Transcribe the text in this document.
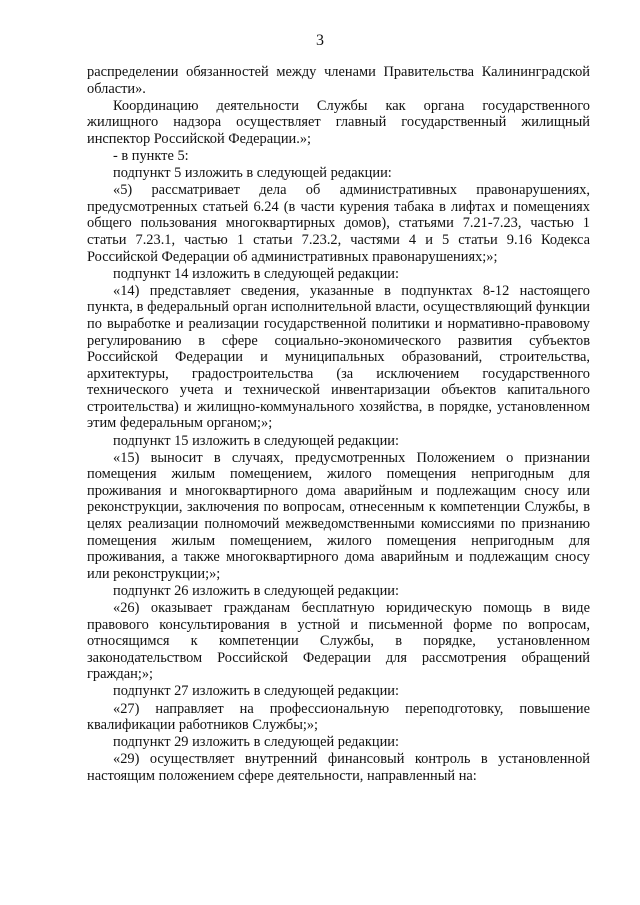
3

распределении обязанностей между членами Правительства Калининградской области».

Координацию деятельности Службы как органа государственного жилищного надзора осуществляет главный государственный жилищный инспектор Российской Федерации.»;

- в пункте 5:

подпункт 5 изложить в следующей редакции:

«5) рассматривает дела об административных правонарушениях, предусмотренных статьей 6.24 (в части курения табака в лифтах и помещениях общего пользования многоквартирных домов), статьями 7.21-7.23, частью 1 статьи 7.23.1, частью 1 статьи 7.23.2, частями 4 и 5 статьи 9.16 Кодекса Российской Федерации об административных правонарушениях;»;

подпункт 14 изложить в следующей редакции:

«14) представляет сведения, указанные в подпунктах 8-12 настоящего пункта, в федеральный орган исполнительной власти, осуществляющий функции по выработке и реализации государственной политики и нормативно-правовому регулированию в сфере социально-экономического развития субъектов Российской Федерации и муниципальных образований, строительства, архитектуры, градостроительства (за исключением государственного технического учета и технической инвентаризации объектов капитального строительства) и жилищно-коммунального хозяйства, в порядке, установленном этим федеральным органом;»;

подпункт 15 изложить в следующей редакции:

«15) выносит в случаях, предусмотренных Положением о признании помещения жилым помещением, жилого помещения непригодным для проживания и многоквартирного дома аварийным и подлежащим сносу или реконструкции, заключения по вопросам, отнесенным к компетенции Службы, в целях реализации полномочий межведомственными комиссиями по признанию помещения жилым помещением, жилого помещения непригодным для проживания, а также многоквартирного дома аварийным и подлежащим сносу или реконструкции;»;

подпункт 26 изложить в следующей редакции:

«26) оказывает гражданам бесплатную юридическую помощь в виде правового консультирования в устной и письменной форме по вопросам, относящимся к компетенции Службы, в порядке, установленном законодательством Российской Федерации для рассмотрения обращений граждан;»;

подпункт 27 изложить в следующей редакции:

«27) направляет на профессиональную переподготовку, повышение квалификации работников Службы;»;

подпункт 29 изложить в следующей редакции:

«29) осуществляет внутренний финансовый контроль в установленной настоящим положением сфере деятельности, направленный на:
